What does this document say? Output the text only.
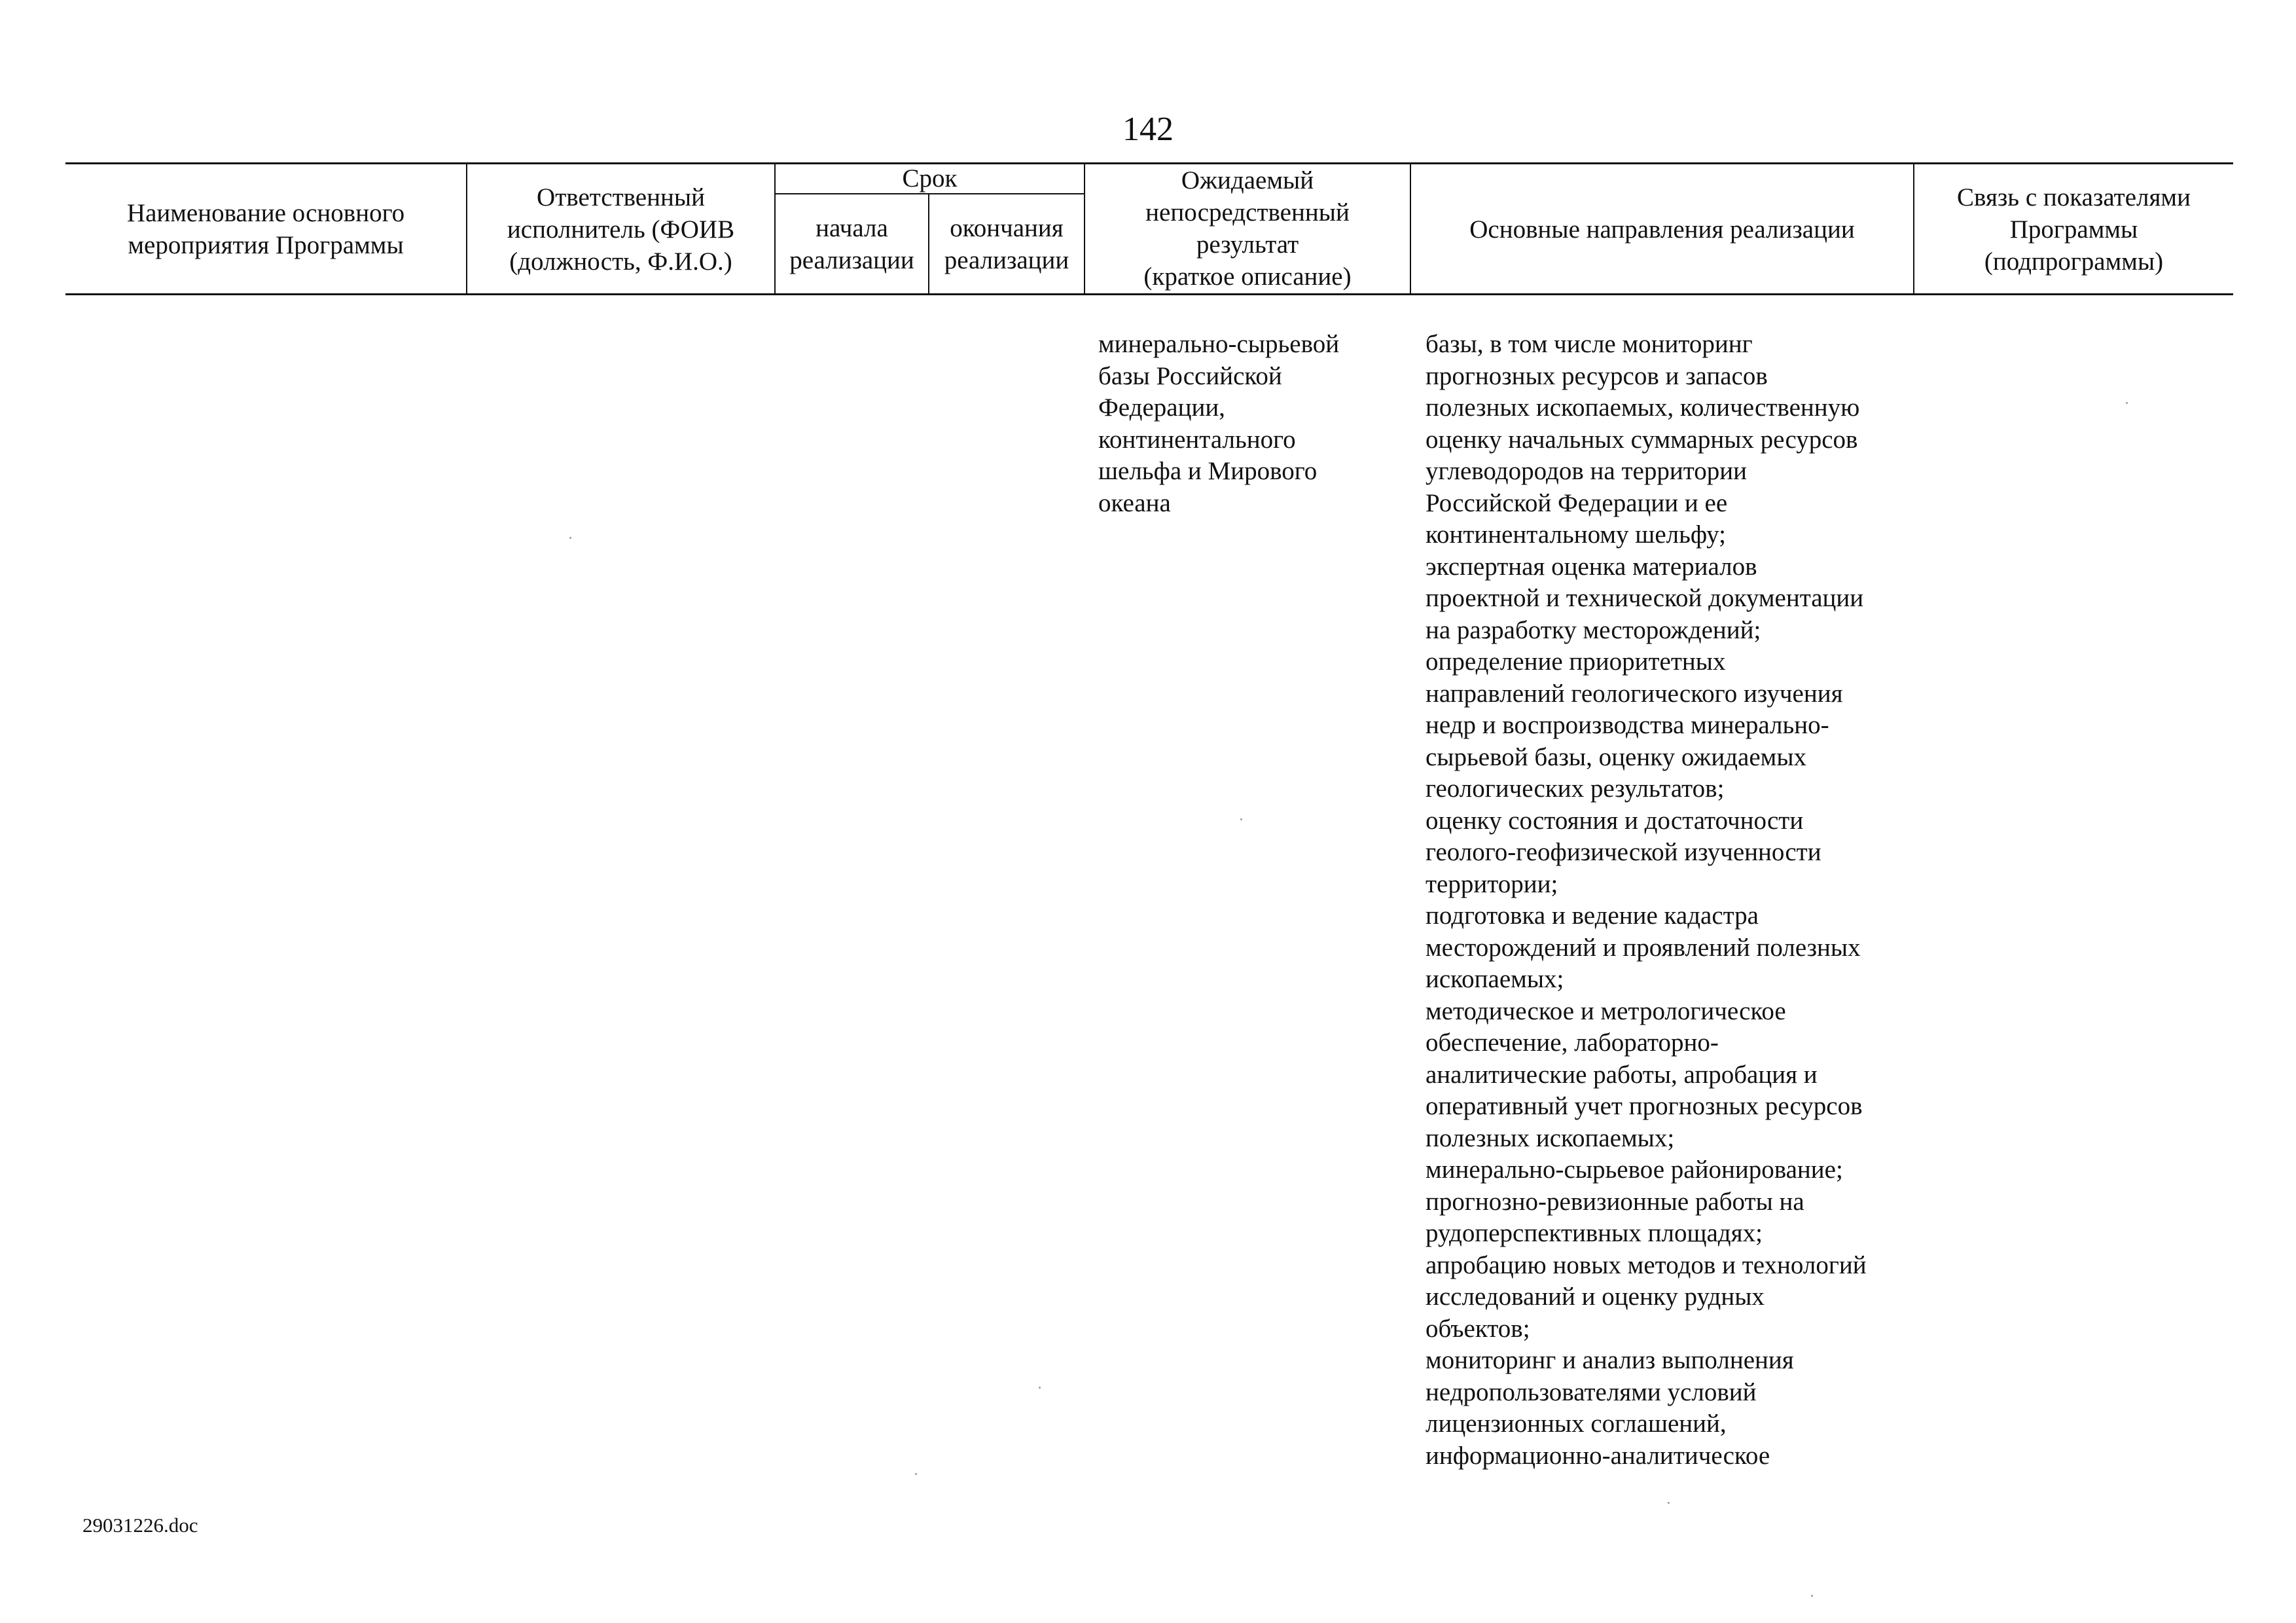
142
Наименование основного
мероприятия Программы
Ответственный
исполнитель (ФОИВ
(должность, Ф.И.О.)
Срок
начала
реализации
окончания
реализации
Ожидаемый
непосредственный
результат
(краткое описание)
Основные направления реализации
Связь с показателями
Программы
(подпрограммы)
минерально-сырьевой
базы Российской
Федерации,
континентального
шельфа и Мирового
океана
базы, в том числе мониторинг
прогнозных ресурсов и запасов
полезных ископаемых, количественную
оценку начальных суммарных ресурсов
углеводородов на территории
Российской Федерации и ее
континентальному шельфу;
экспертная оценка материалов
проектной и технической документации
на разработку месторождений;
определение приоритетных
направлений геологического изучения
недр и воспроизводства минерально-
сырьевой базы, оценку ожидаемых
геологических результатов;
оценку состояния и достаточности
геолого-геофизической изученности
территории;
подготовка и ведение кадастра
месторождений и проявлений полезных
ископаемых;
методическое и метрологическое
обеспечение, лабораторно-
аналитические работы, апробация и
оперативный учет прогнозных ресурсов
полезных ископаемых;
минерально-сырьевое районирование;
прогнозно-ревизионные работы на
рудоперспективных площадях;
апробацию новых методов и технологий
исследований и оценку рудных
объектов;
мониторинг и анализ выполнения
недропользователями условий
лицензионных соглашений,
информационно-аналитическое
29031226.doc
